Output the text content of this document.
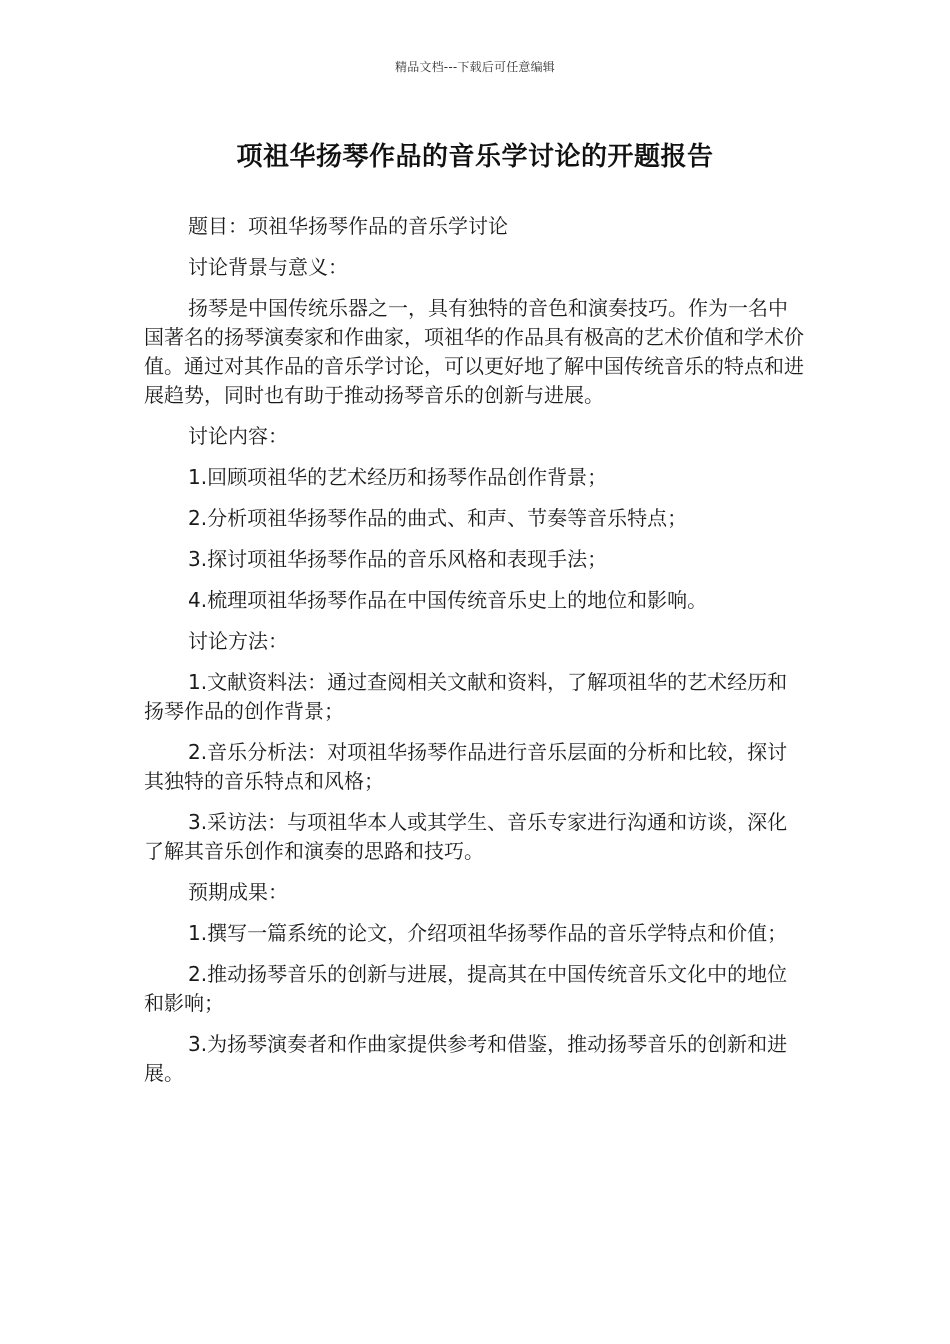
精品文档---下载后可任意编辑
项祖华扬琴作品的音乐学讨论的开题报告

题目：项祖华扬琴作品的音乐学讨论

讨论背景与意义：

扬琴是中国传统乐器之一，具有独特的音色和演奏技巧。作为一名中国著名的扬琴演奏家和作曲家，项祖华的作品具有极高的艺术价值和学术价值。通过对其作品的音乐学讨论，可以更好地了解中国传统音乐的特点和进展趋势，同时也有助于推动扬琴音乐的创新与进展。

讨论内容：

1.回顾项祖华的艺术经历和扬琴作品创作背景；

2.分析项祖华扬琴作品的曲式、和声、节奏等音乐特点；

3.探讨项祖华扬琴作品的音乐风格和表现手法；

4.梳理项祖华扬琴作品在中国传统音乐史上的地位和影响。

讨论方法：

1.文献资料法：通过查阅相关文献和资料，了解项祖华的艺术经历和扬琴作品的创作背景；

2.音乐分析法：对项祖华扬琴作品进行音乐层面的分析和比较，探讨其独特的音乐特点和风格；

3.采访法：与项祖华本人或其学生、音乐专家进行沟通和访谈，深化了解其音乐创作和演奏的思路和技巧。

预期成果：

1.撰写一篇系统的论文，介绍项祖华扬琴作品的音乐学特点和价值；

2.推动扬琴音乐的创新与进展，提高其在中国传统音乐文化中的地位和影响；

3.为扬琴演奏者和作曲家提供参考和借鉴，推动扬琴音乐的创新和进展。
